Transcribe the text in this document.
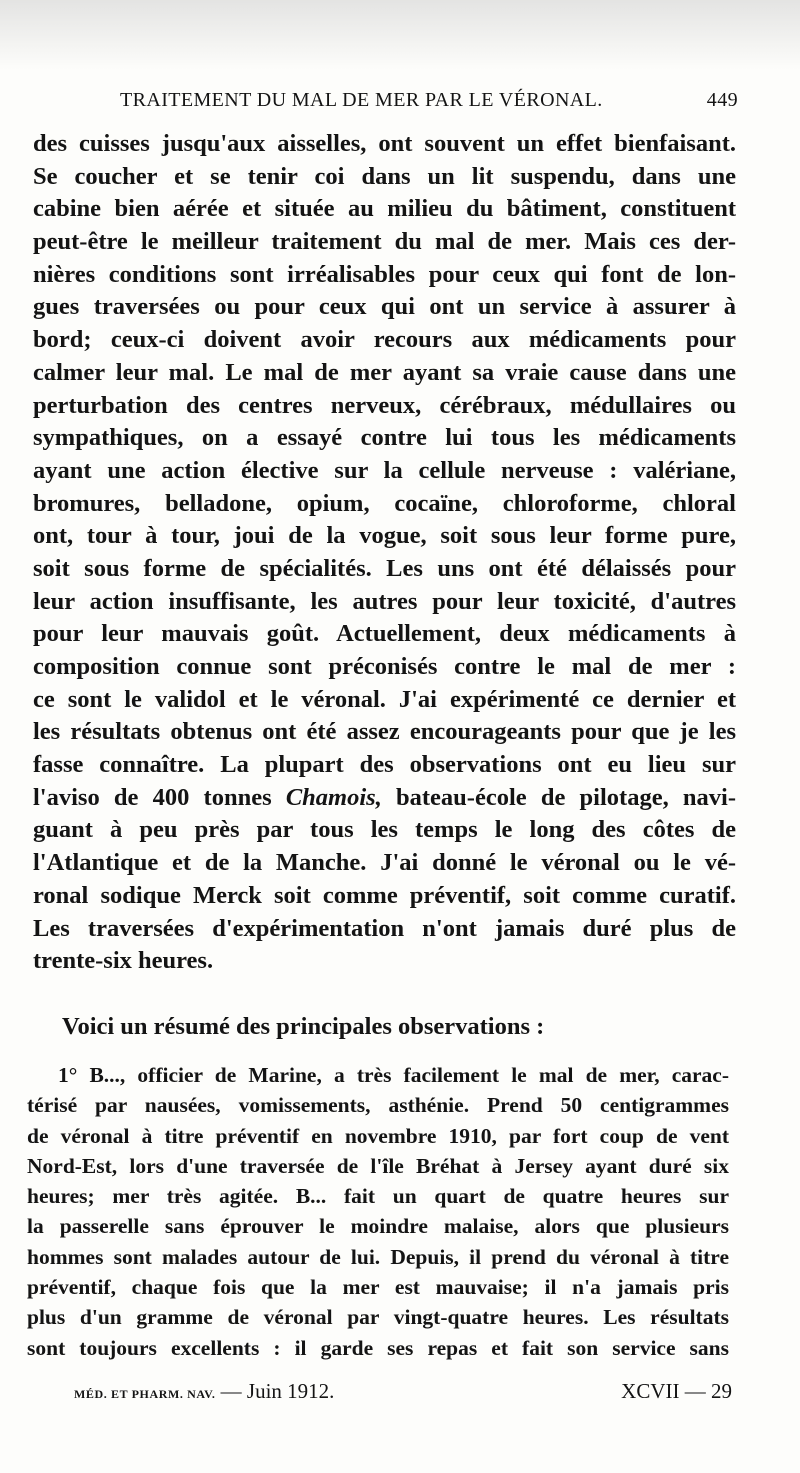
TRAITEMENT DU MAL DE MER PAR LE VÉRONAL.	449
des cuisses jusqu'aux aisselles, ont souvent un effet bienfaisant.
Se coucher et se tenir coi dans un lit suspendu, dans une
cabine bien aérée et située au milieu du bâtiment, constituent
peut-être le meilleur traitement du mal de mer. Mais ces der-
nières conditions sont irréalisables pour ceux qui font de lon-
gues traversées ou pour ceux qui ont un service à assurer à
bord; ceux-ci doivent avoir recours aux médicaments pour
calmer leur mal. Le mal de mer ayant sa vraie cause dans une
perturbation des centres nerveux, cérébraux, médullaires ou
sympathiques, on a essayé contre lui tous les médicaments
ayant une action élective sur la cellule nerveuse : valériane,
bromures, belladone, opium, cocaïne, chloroforme, chloral
ont, tour à tour, joui de la vogue, soit sous leur forme pure,
soit sous forme de spécialités. Les uns ont été délaissés pour
leur action insuffisante, les autres pour leur toxicité, d'autres
pour leur mauvais goût. Actuellement, deux médicaments à
composition connue sont préconisés contre le mal de mer :
ce sont le validol et le véronal. J'ai expérimenté ce dernier et
les résultats obtenus ont été assez encourageants pour que je les
fasse connaître. La plupart des observations ont eu lieu sur
l'aviso de 400 tonnes Chamois, bateau-école de pilotage, navi-
guant à peu près par tous les temps le long des côtes de
l'Atlantique et de la Manche. J'ai donné le véronal ou le vé-
ronal sodique Merck soit comme préventif, soit comme curatif.
Les traversées d'expérimentation n'ont jamais duré plus de
trente-six heures.
Voici un résumé des principales observations :
1° B..., officier de Marine, a très facilement le mal de mer, carac-
térisé par nausées, vomissements, asthénie. Prend 50 centigrammes
de véronal à titre préventif en novembre 1910, par fort coup de vent
Nord-Est, lors d'une traversée de l'île Bréhat à Jersey ayant duré six
heures; mer très agitée. B... fait un quart de quatre heures sur
la passerelle sans éprouver le moindre malaise, alors que plusieurs
hommes sont malades autour de lui. Depuis, il prend du véronal à titre
préventif, chaque fois que la mer est mauvaise; il n'a jamais pris
plus d'un gramme de véronal par vingt-quatre heures. Les résultats
sont toujours excellents : il garde ses repas et fait son service sans
MÉD. ET PHARM. NAV. — Juin 1912.	XCVII — 29
